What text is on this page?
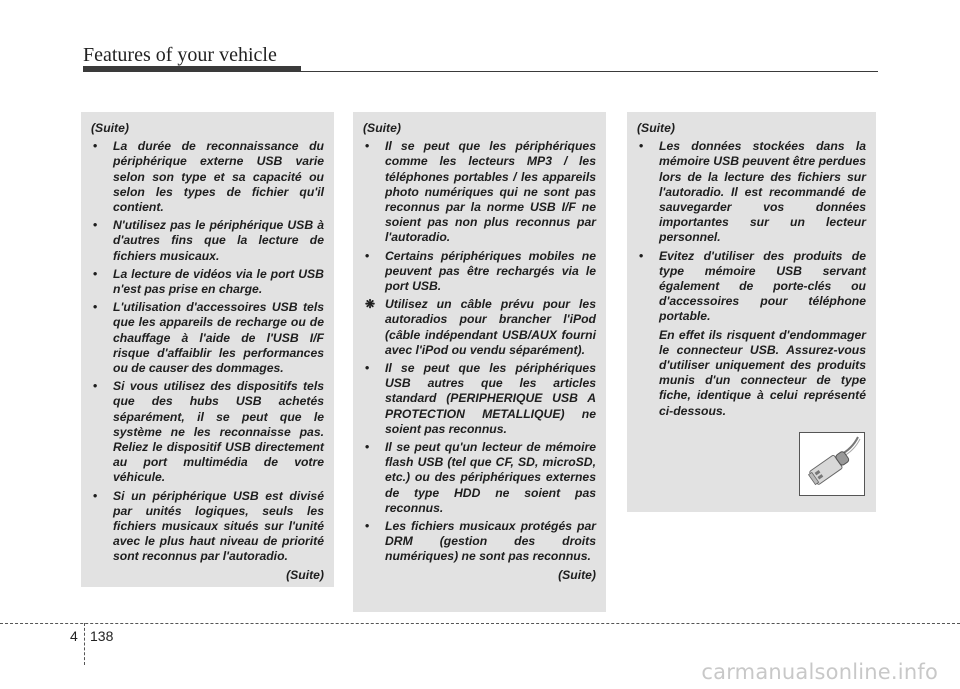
Features of your vehicle
(Suite)
• La durée de reconnaissance du périphérique externe USB varie selon son type et sa capacité ou selon les types de fichier qu'il contient.
• N'utilisez pas le périphérique USB à d'autres fins que la lecture de fichiers musicaux.
• La lecture de vidéos via le port USB n'est pas prise en charge.
• L'utilisation d'accessoires USB tels que les appareils de recharge ou de chauffage à l'aide de l'USB I/F risque d'affaiblir les performances ou de causer des dommages.
• Si vous utilisez des dispositifs tels que des hubs USB achetés séparément, il se peut que le système ne les reconnaisse pas. Reliez le dispositif USB directement au port multimédia de votre véhicule.
• Si un périphérique USB est divisé par unités logiques, seuls les fichiers musicaux situés sur l'unité avec le plus haut niveau de priorité sont reconnus par l'autoradio.
(Suite)
(Suite)
• Il se peut que les périphériques comme les lecteurs MP3 / les téléphones portables / les appareils photo numériques qui ne sont pas reconnus par la norme USB I/F ne soient pas non plus reconnus par l'autoradio.
• Certains périphériques mobiles ne peuvent pas être rechargés via le port USB.
❋ Utilisez un câble prévu pour les autoradios pour brancher l'iPod (câble indépendant USB/AUX fourni avec l'iPod ou vendu séparément).
• Il se peut que les périphériques USB autres que les articles standard (PERIPHERIQUE USB A PROTECTION METALLIQUE) ne soient pas reconnus.
• Il se peut qu'un lecteur de mémoire flash USB (tel que CF, SD, microSD, etc.) ou des périphériques externes de type HDD ne soient pas reconnus.
• Les fichiers musicaux protégés par DRM (gestion des droits numériques) ne sont pas reconnus.
(Suite)
(Suite)
• Les données stockées dans la mémoire USB peuvent être perdues lors de la lecture des fichiers sur l'autoradio. Il est recommandé de sauvegarder vos données importantes sur un lecteur personnel.
• Evitez d'utiliser des produits de type mémoire USB servant également de porte-clés ou d'accessoires pour téléphone portable.
En effet ils risquent d'endommager le connecteur USB. Assurez-vous d'utiliser uniquement des produits munis d'un connecteur de type fiche, identique à celui représenté ci-dessous.
4 138
carmanualsonline.info
